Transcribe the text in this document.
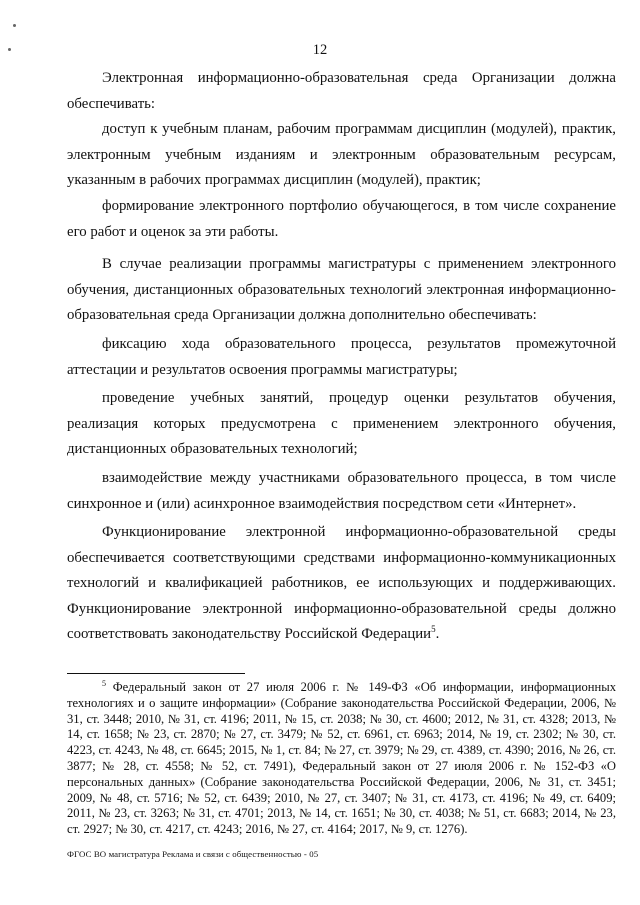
12

Электронная информационно-образовательная среда Организации должна обеспечивать:

доступ к учебным планам, рабочим программам дисциплин (модулей), практик, электронным учебным изданиям и электронным образовательным ресурсам, указанным в рабочих программах дисциплин (модулей), практик;

формирование электронного портфолио обучающегося, в том числе сохранение его работ и оценок за эти работы.

В случае реализации программы магистратуры с применением электронного обучения, дистанционных образовательных технологий электронная информационно-образовательная среда Организации должна дополнительно обеспечивать:

фиксацию хода образовательного процесса, результатов промежуточной аттестации и результатов освоения программы магистратуры;

проведение учебных занятий, процедур оценки результатов обучения, реализация которых предусмотрена с применением электронного обучения, дистанционных образовательных технологий;

взаимодействие между участниками образовательного процесса, в том числе синхронное и (или) асинхронное взаимодействия посредством сети «Интернет».

Функционирование электронной информационно-образовательной среды обеспечивается соответствующими средствами информационно-коммуникационных технологий и квалификацией работников, ее использующих и поддерживающих. Функционирование электронной информационно-образовательной среды должно соответствовать законодательству Российской Федерации$^5$.

$^5$ Федеральный закон от 27 июля 2006 г. № 149-ФЗ «Об информации, информационных технологиях и о защите информации» (Собрание законодательства Российской Федерации, 2006, № 31, ст. 3448; 2010, № 31, ст. 4196; 2011, № 15, ст. 2038; № 30, ст. 4600; 2012, № 31, ст. 4328; 2013, № 14, ст. 1658; № 23, ст. 2870; № 27, ст. 3479; № 52, ст. 6961, ст. 6963; 2014, № 19, ст. 2302; № 30, ст. 4223, ст. 4243, № 48, ст. 6645; 2015, № 1, ст. 84; № 27, ст. 3979; № 29, ст. 4389, ст. 4390; 2016, № 26, ст. 3877; № 28, ст. 4558; № 52, ст. 7491), Федеральный закон от 27 июля 2006 г. № 152-ФЗ «О персональных данных» (Собрание законодательства Российской Федерации, 2006, № 31, ст. 3451; 2009, № 48, ст. 5716; № 52, ст. 6439; 2010, № 27, ст. 3407; № 31, ст. 4173, ст. 4196; № 49, ст. 6409; 2011, № 23, ст. 3263; № 31, ст. 4701; 2013, № 14, ст. 1651; № 30, ст. 4038; № 51, ст. 6683; 2014, № 23, ст. 2927; № 30, ст. 4217, ст. 4243; 2016, № 27, ст. 4164; 2017, № 9, ст. 1276).

ФГОС ВО магистратура Реклама и связи с общественностью - 05
